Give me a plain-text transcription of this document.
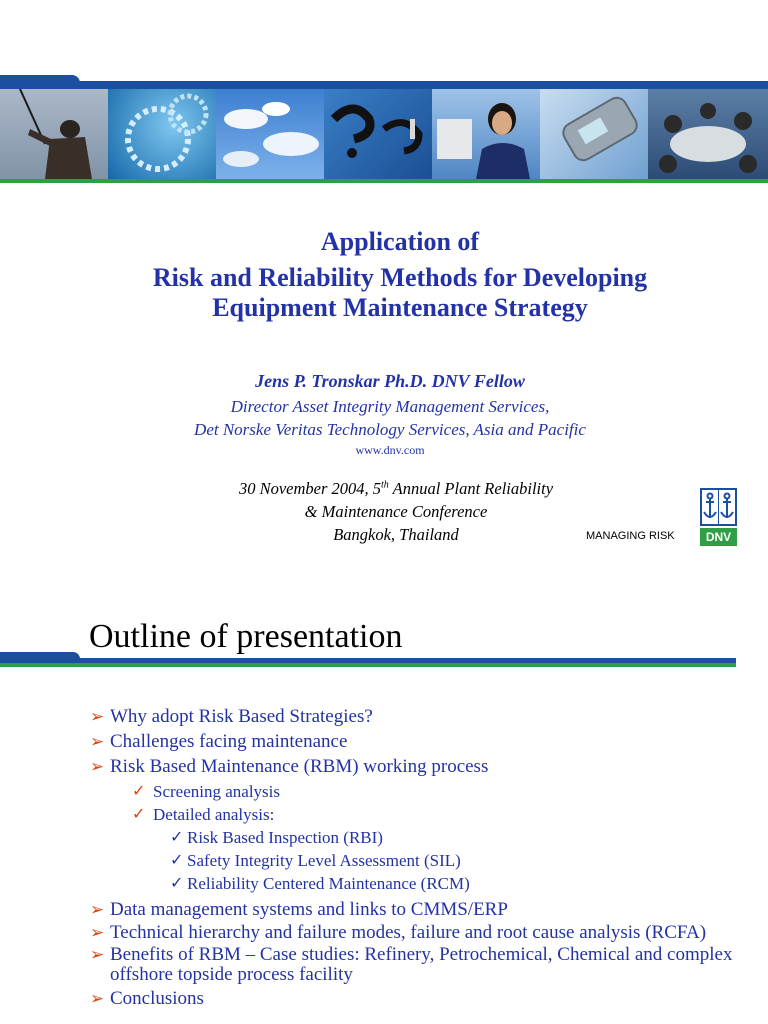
Application of
Risk and Reliability Methods for Developing
Equipment Maintenance Strategy
Jens P. Tronskar Ph.D. DNV Fellow
Director Asset Integrity Management Services,
Det Norske Veritas Technology Services, Asia and Pacific
www.dnv.com
30 November 2004, 5th Annual Plant Reliability
& Maintenance Conference
Bangkok, Thailand	MANAGING RISK	DNV
Outline of presentation
➢ Why adopt Risk Based Strategies?
➢ Challenges facing maintenance
➢ Risk Based Maintenance (RBM) working process
✓ Screening analysis
✓ Detailed analysis:
✓ Risk Based Inspection (RBI)
✓ Safety Integrity Level Assessment (SIL)
✓ Reliability Centered Maintenance (RCM)
➢ Data management systems and links to CMMS/ERP
➢ Technical hierarchy and failure modes, failure and root cause analysis (RCFA)
➢ Benefits of RBM – Case studies: Refinery, Petrochemical, Chemical and complex offshore topside process facility
➢ Conclusions
